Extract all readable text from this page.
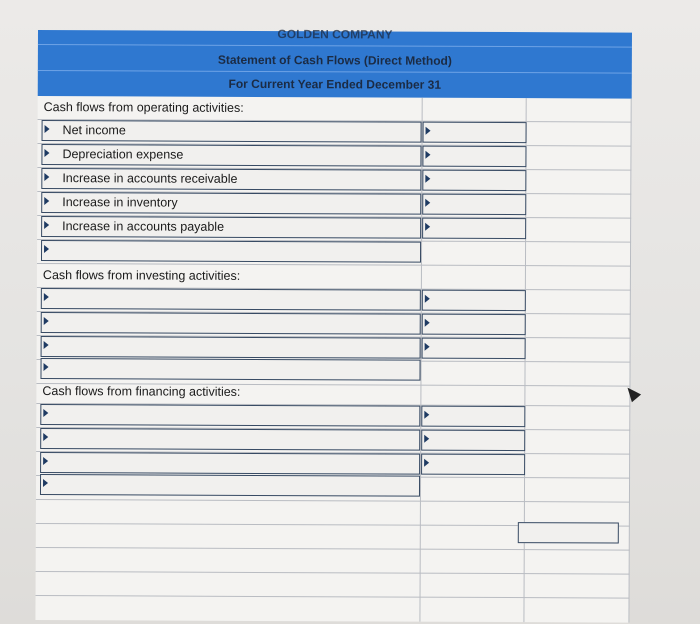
GOLDEN COMPANY
Statement of Cash Flows (Direct Method)
For Current Year Ended December 31
Cash flows from operating activities:
Cash flows from investing activities:
Cash flows from financing activities:
Net income
Depreciation expense
Increase in accounts receivable
Increase in inventory
Increase in accounts payable
